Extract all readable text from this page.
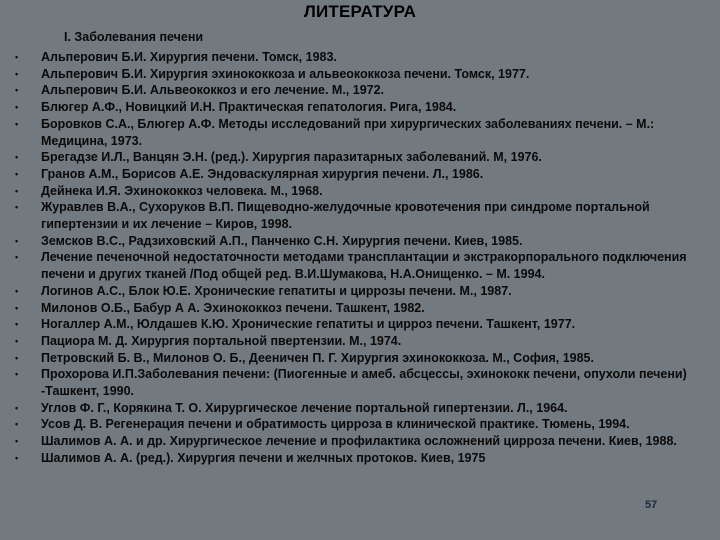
ЛИТЕРАТУРА
I. Заболевания печени
• Альперович Б.И. Хирургия печени. Томск, 1983.
• Альперович Б.И. Хирургия эхинококкоза и альвеококкоза печени. Томск, 1977.
• Альперович Б.И. Альвеококкоз и его лечение. М., 1972.
• Блюгер А.Ф., Новицкий И.Н. Практическая гепатология. Рига, 1984.
• Боровков С.А., Блюгер А.Ф. Методы исследований при хирургических заболеваниях печени. – М.: Медицина, 1973.
• Брегадзе И.Л., Ванцян Э.Н. (ред.). Хирургия паразитарных заболеваний. М, 1976.
• Гранов А.М., Борисов А.Е. Эндоваскулярная хирургия печени. Л., 1986.
• Дейнека И.Я. Эхинококкоз человека. М., 1968.
• Журавлев В.А., Сухоруков В.П. Пищеводно-желудочные кровотечения при синдроме портальной гипертензии и их лечение – Киров, 1998.
• Земсков В.С., Радзиховский А.П., Панченко С.Н. Хирургия печени. Киев, 1985.
• Лечение печеночной недостаточности методами трансплантации и экстракорпорального подключения печени и других тканей /Под общей ред. В.И.Шумакова, Н.А.Онищенко. – М. 1994.
• Логинов А.С., Блок Ю.Е. Хронические гепатиты и циррозы печени. М., 1987.
• Милонов О.Б., Бабур А А. Эхинококкоз печени. Ташкент, 1982.
• Ногаллер А.М., Юлдашев К.Ю. Хронические гепатиты и цирроз печени. Ташкент, 1977.
• Пациора М. Д. Хирургия портальной пвертензии. М., 1974.
• Петровский Б. В., Милонов О. Б., Дееничен П. Г. Хирургия эхинококкоза. М., София, 1985.
• Прохорова И.П.Заболевания печени: (Пиогенные и амеб. абсцессы, эхинококк печени, опухоли печени) -Ташкент, 1990.
• Углов Ф. Г., Корякина Т. О. Хирургическое лечение портальной гипертензии. Л., 1964.
• Усов Д. В. Регенерация печени и обратимость цирроза в клинической практике. Тюмень, 1994.
• Шалимов А. А. и др. Хирургическое лечение и профилактика осложнений цирроза печени. Киев, 1988.
• Шалимов А. А. (ред.). Хирургия печени и желчных протоков. Киев, 1975
57
